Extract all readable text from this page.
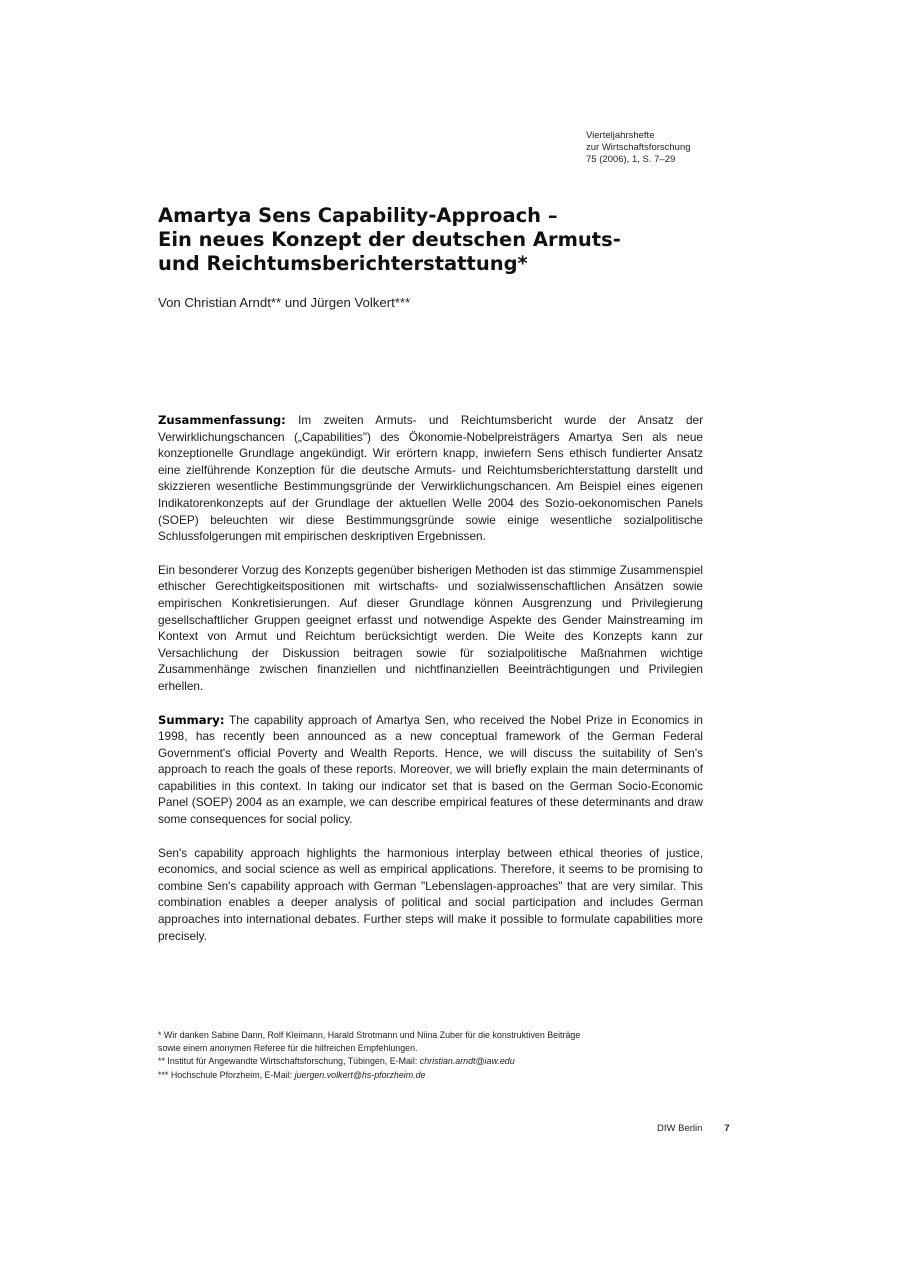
Vierteljahrshefte
zur Wirtschaftsforschung
75 (2006), 1, S. 7–29
Amartya Sens Capability-Approach –
Ein neues Konzept der deutschen Armuts-
und Reichtumsberichterstattung*
Von Christian Arndt** und Jürgen Volkert***

Zusammenfassung: Im zweiten Armuts- und Reichtumsbericht wurde der Ansatz der Verwirklichungschancen („Capabilities") des Ökonomie-Nobelpreisträgers Amartya Sen als neue konzeptionelle Grundlage angekündigt. Wir erörtern knapp, inwiefern Sens ethisch fundierter Ansatz eine zielführende Konzeption für die deutsche Armuts- und Reichtumsberichterstattung darstellt und skizzieren wesentliche Bestimmungsgründe der Verwirklichungschancen. Am Beispiel eines eigenen Indikatorenkonzepts auf der Grundlage der aktuellen Welle 2004 des Sozio-oekonomischen Panels (SOEP) beleuchten wir diese Bestimmungsgründe sowie einige wesentliche sozialpolitische Schlussfolgerungen mit empirischen deskriptiven Ergebnissen.

Ein besonderer Vorzug des Konzepts gegenüber bisherigen Methoden ist das stimmige Zusammenspiel ethischer Gerechtigkeitspositionen mit wirtschafts- und sozialwissenschaftlichen Ansätzen sowie empirischen Konkretisierungen. Auf dieser Grundlage können Ausgrenzung und Privilegierung gesellschaftlicher Gruppen geeignet erfasst und notwendige Aspekte des Gender Mainstreaming im Kontext von Armut und Reichtum berücksichtigt werden. Die Weite des Konzepts kann zur Versachlichung der Diskussion beitragen sowie für sozialpolitische Maßnahmen wichtige Zusammenhänge zwischen finanziellen und nichtfinanziellen Beeinträchtigungen und Privilegien erhellen.

Summary: The capability approach of Amartya Sen, who received the Nobel Prize in Economics in 1998, has recently been announced as a new conceptual framework of the German Federal Government's official Poverty and Wealth Reports. Hence, we will discuss the suitability of Sen's approach to reach the goals of these reports. Moreover, we will briefly explain the main determinants of capabilities in this context. In taking our indicator set that is based on the German Socio-Economic Panel (SOEP) 2004 as an example, we can describe empirical features of these determinants and draw some consequences for social policy.

Sen's capability approach highlights the harmonious interplay between ethical theories of justice, economics, and social science as well as empirical applications. Therefore, it seems to be promising to combine Sen's capability approach with German "Lebenslagen-approaches" that are very similar. This combination enables a deeper analysis of political and social participation and includes German approaches into international debates. Further steps will make it possible to formulate capabilities more precisely.

* Wir danken Sabine Dann, Rolf Kleimann, Harald Strotmann und Niina Zuber für die konstruktiven Beiträge
sowie einem anonymen Referee für die hilfreichen Empfehlungen.

** Institut für Angewandte Wirtschaftsforschung, Tübingen, E-Mail: christian.arndt@iaw.edu

*** Hochschule Pforzheim, E-Mail: juergen.volkert@hs-pforzheim.de

DIW Berlin 7
